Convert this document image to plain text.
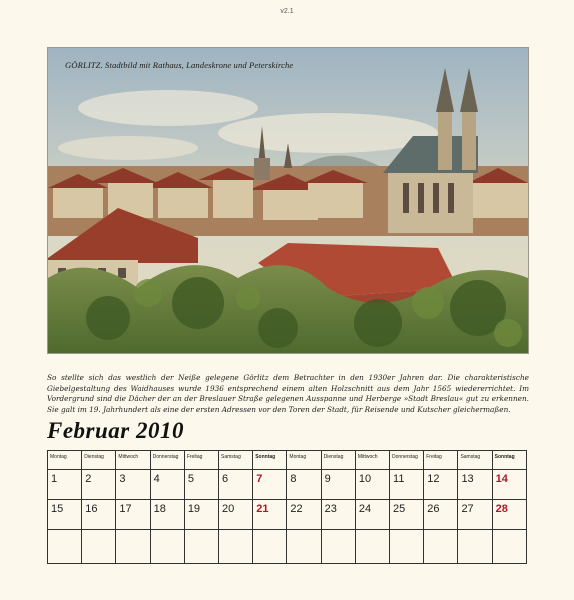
v2.1
GÖRLITZ. Stadtbild mit Rathaus, Landeskrone und Peterskirche
So stellte sich das westlich der Neiße gelegene Görlitz dem Betrachter in den 1930er Jahren dar. Die charakteristische Giebelgestaltung des Waidhauses wurde 1936 entsprechend einem alten Holzschnitt aus dem Jahr 1565 wiedererrichtet. Im Vordergrund sind die Dächer der an der Breslauer Straße gelegenen Ausspanne und Herberge »Stadt Breslau« gut zu erkennen. Sie galt im 19. Jahrhundert als eine der ersten Adressen vor den Toren der Stadt, für Reisende und Kutscher gleichermaßen.
Februar 2010
Montag	Dienstag	Mittwoch	Donnerstag	Freitag	Samstag	Sonntag	Montag	Dienstag	Mittwoch	Donnerstag	Freitag	Samstag	Sonntag
1	2	3	4	5	6	7	8	9	10	11	12	13	14
15	16	17	18	19	20	21	22	23	24	25	26	27	28
